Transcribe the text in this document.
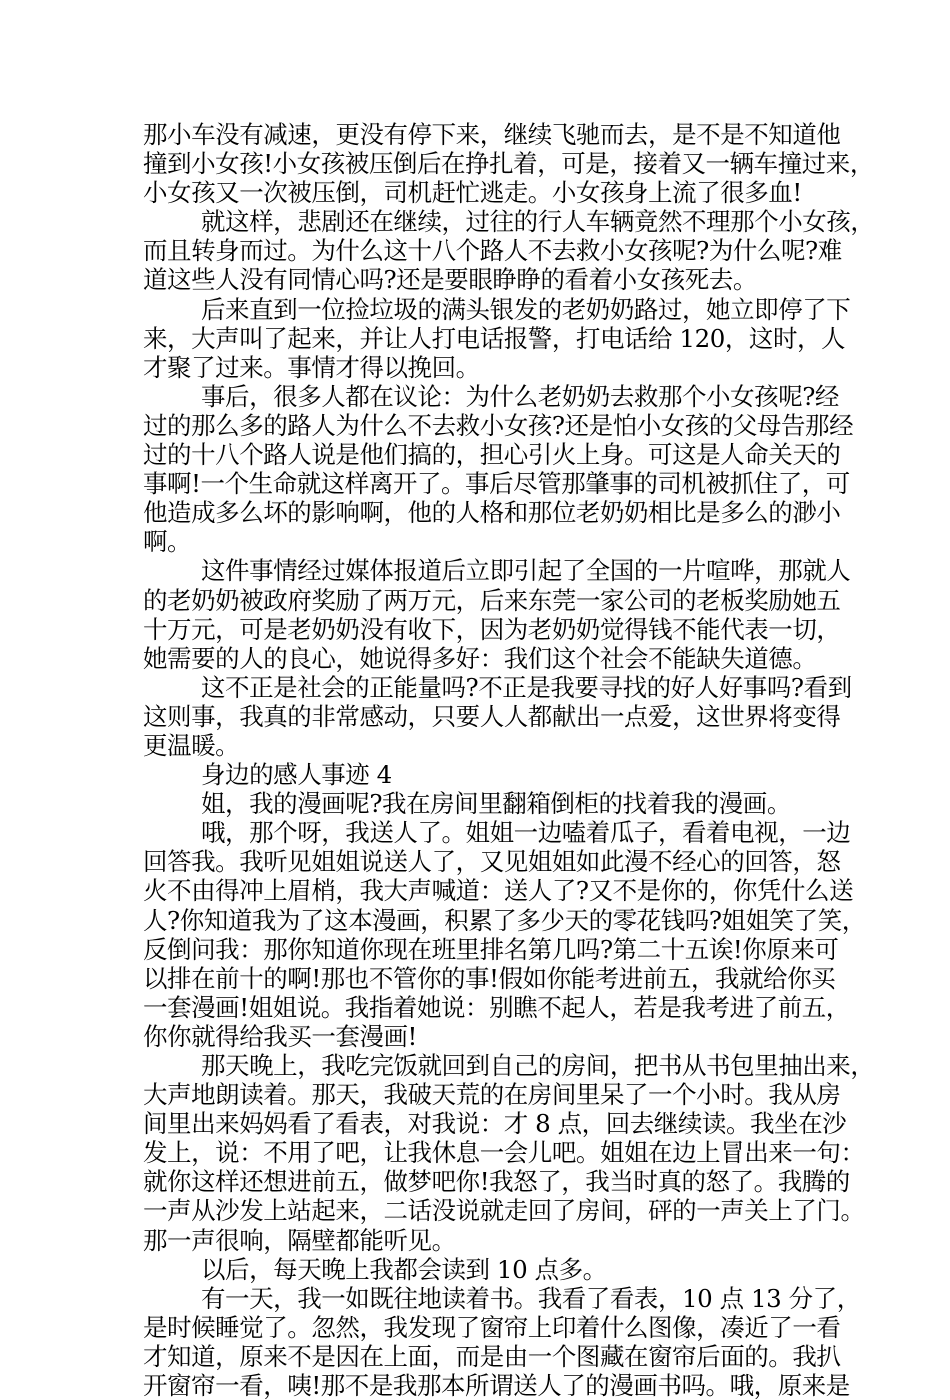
那小车没有减速，更没有停下来，继续飞驰而去，是不是不知道他
撞到小女孩!小女孩被压倒后在挣扎着，可是，接着又一辆车撞过来，
小女孩又一次被压倒，司机赶忙逃走。小女孩身上流了很多血!
就这样，悲剧还在继续，过往的行人车辆竟然不理那个小女孩，
而且转身而过。为什么这十八个路人不去救小女孩呢?为什么呢?难
道这些人没有同情心吗?还是要眼睁睁的看着小女孩死去。
后来直到一位捡垃圾的满头银发的老奶奶路过，她立即停了下
来，大声叫了起来，并让人打电话报警，打电话给 120，这时，人
才聚了过来。事情才得以挽回。
事后，很多人都在议论：为什么老奶奶去救那个小女孩呢?经
过的那么多的路人为什么不去救小女孩?还是怕小女孩的父母告那经
过的十八个路人说是他们搞的，担心引火上身。可这是人命关天的
事啊!一个生命就这样离开了。事后尽管那肇事的司机被抓住了，可
他造成多么坏的影响啊，他的人格和那位老奶奶相比是多么的渺小
啊。
这件事情经过媒体报道后立即引起了全国的一片喧哗，那就人
的老奶奶被政府奖励了两万元，后来东莞一家公司的老板奖励她五
十万元，可是老奶奶没有收下，因为老奶奶觉得钱不能代表一切，
她需要的人的良心，她说得多好：我们这个社会不能缺失道德。
这不正是社会的正能量吗?不正是我要寻找的好人好事吗?看到
这则事，我真的非常感动，只要人人都献出一点爱，这世界将变得
更温暖。
身边的感人事迹 4
姐，我的漫画呢?我在房间里翻箱倒柜的找着我的漫画。
哦，那个呀，我送人了。姐姐一边嗑着瓜子，看着电视，一边
回答我。我听见姐姐说送人了，又见姐姐如此漫不经心的回答，怒
火不由得冲上眉梢，我大声喊道：送人了?又不是你的，你凭什么送
人?你知道我为了这本漫画，积累了多少天的零花钱吗?姐姐笑了笑，
反倒问我：那你知道你现在班里排名第几吗?第二十五诶!你原来可
以排在前十的啊!那也不管你的事!假如你能考进前五，我就给你买
一套漫画!姐姐说。我指着她说：别瞧不起人，若是我考进了前五，
你你就得给我买一套漫画!
那天晚上，我吃完饭就回到自己的房间，把书从书包里抽出来，
大声地朗读着。那天，我破天荒的在房间里呆了一个小时。我从房
间里出来妈妈看了看表，对我说：才 8 点，回去继续读。我坐在沙
发上，说：不用了吧，让我休息一会儿吧。姐姐在边上冒出来一句：
就你这样还想进前五，做梦吧你!我怒了，我当时真的怒了。我腾的
一声从沙发上站起来，二话没说就走回了房间，砰的一声关上了门。
那一声很响，隔壁都能听见。
以后，每天晚上我都会读到 10 点多。
有一天，我一如既往地读着书。我看了看表，10 点 13 分了，
是时候睡觉了。忽然，我发现了窗帘上印着什么图像，凑近了一看
才知道，原来不是因在上面，而是由一个图藏在窗帘后面的。我扒
开窗帘一看，咦!那不是我那本所谓送人了的漫画书吗。哦，原来是
